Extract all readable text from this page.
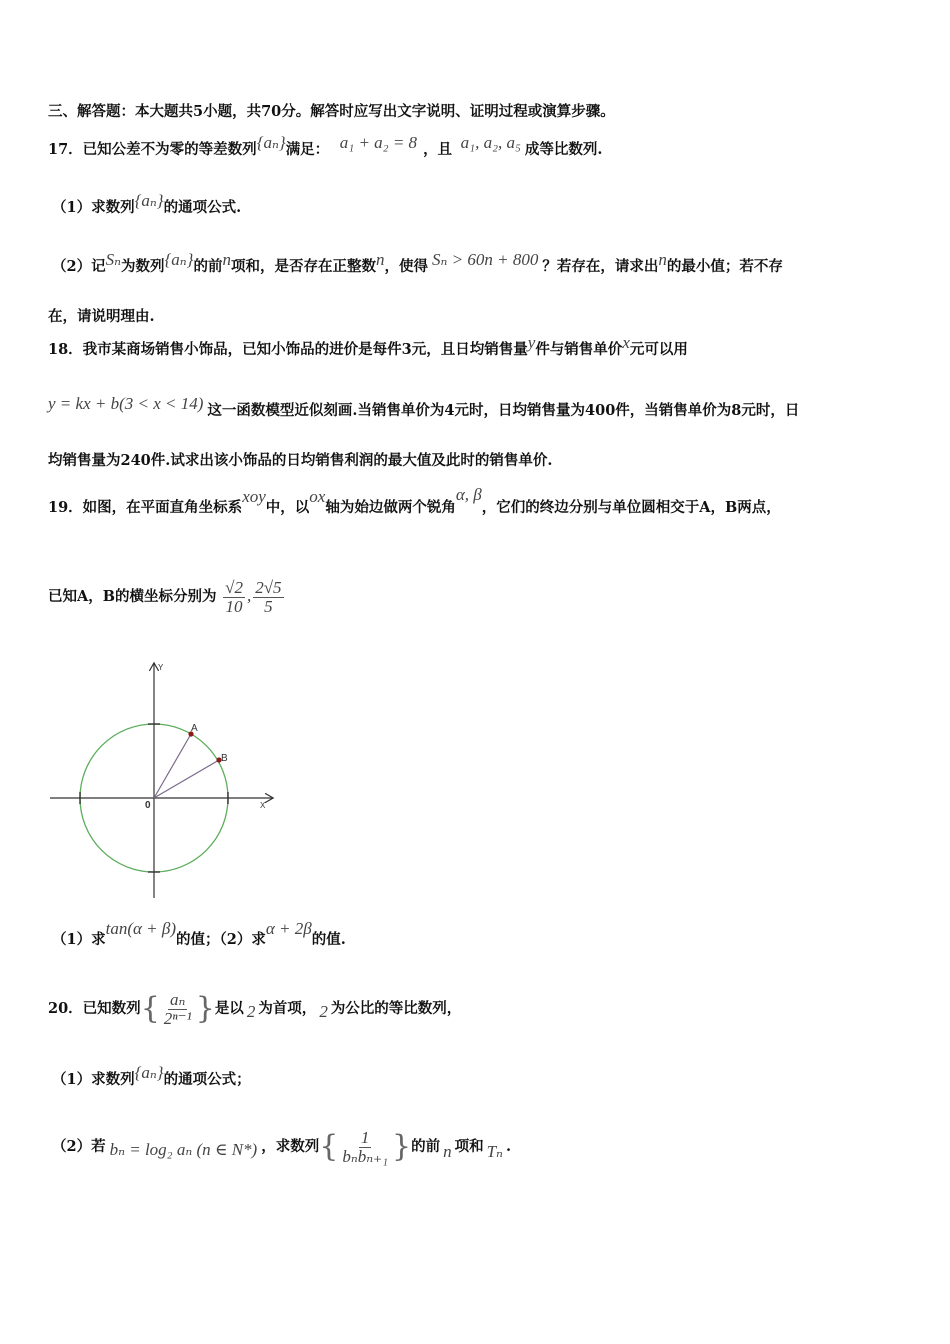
三、解答题：本大题共5小题，共70分。解答时应写出文字说明、证明过程或演算步骤。
17．已知公差不为零的等差数列{aₙ}满足： a₁ + a₂ = 8 ，且 a₁, a₂, a₅ 成等比数列.
（1）求数列{aₙ}的通项公式.
（2）记Sₙ为数列{aₙ}的前n项和，是否存在正整数n，使得 Sₙ > 60n + 800 ？若存在，请求出n的最小值；若不存
在，请说明理由.
18．我市某商场销售小饰品，已知小饰品的进价是每件3元，且日均销售量y件与销售单价x元可以用
y = kx + b(3 < x < 14) 这一函数模型近似刻画.当销售单价为4元时，日均销售量为400件，当销售单价为8元时，日
均销售量为240件.试求出该小饰品的日均销售利润的最大值及此时的销售单价.
19．如图，在平面直角坐标系xoy中，以ox轴为始边做两个锐角α, β，它们的终边分别与单位圆相交于A，B两点，
已知A，B的横坐标分别为 $\frac{√2}{10}$ , $\frac{2√5}{5}$
A
B
0
Y
X
（1）求tan(α + β)的值；（2）求α + 2β的值.
20．已知数列{ $\frac{\text{aₙ}}{\text{2ⁿ⁻¹}}$ }是以 2 为首项， 2 为公比的等比数列，
（1）求数列{aₙ}的通项公式；
（2）若 bₙ = log₂ aₙ (n ∈ N*) ，求数列{ $\frac{1}{\text{bₙbₙ₊₁}}$ }的前 n 项和 Tₙ .
